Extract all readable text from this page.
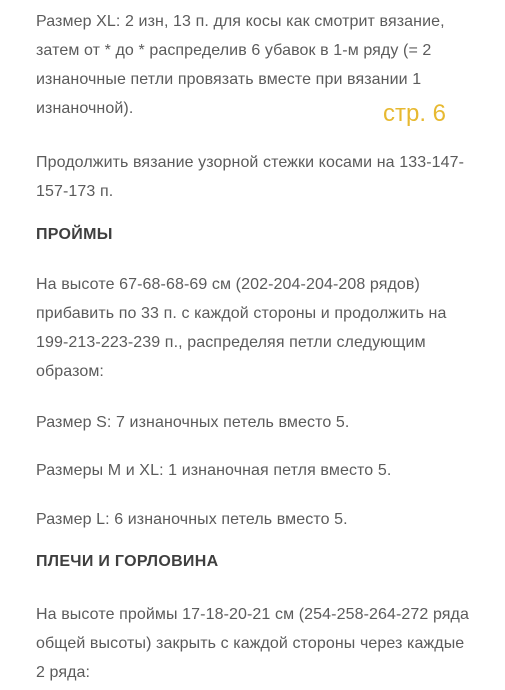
Размер XL: 2 изн, 13 п. для косы как смотрит вязание, затем от * до * распределив 6 убавок в 1-м ряду (= 2 изнаночные петли провязать вместе при вязании 1 изнаночной).

Продолжить вязание узорной стежки косами на 133-147-157-173 п.

ПРОЙМЫ

На высоте 67-68-68-69 см (202-204-204-208 рядов) прибавить по 33 п. с каждой стороны и продолжить на 199-213-223-239 п., распределяя петли следующим образом:

Размер S: 7 изнаночных петель вместо 5.

Размеры M и XL: 1 изнаночная петля вместо 5.

Размер L: 6 изнаночных петель вместо 5.

ПЛЕЧИ И ГОРЛОВИНА

На высоте проймы 17-18-20-21 см (254-258-264-272 ряда общей высоты) закрыть с каждой стороны через каждые 2 ряда:

стр. 6
